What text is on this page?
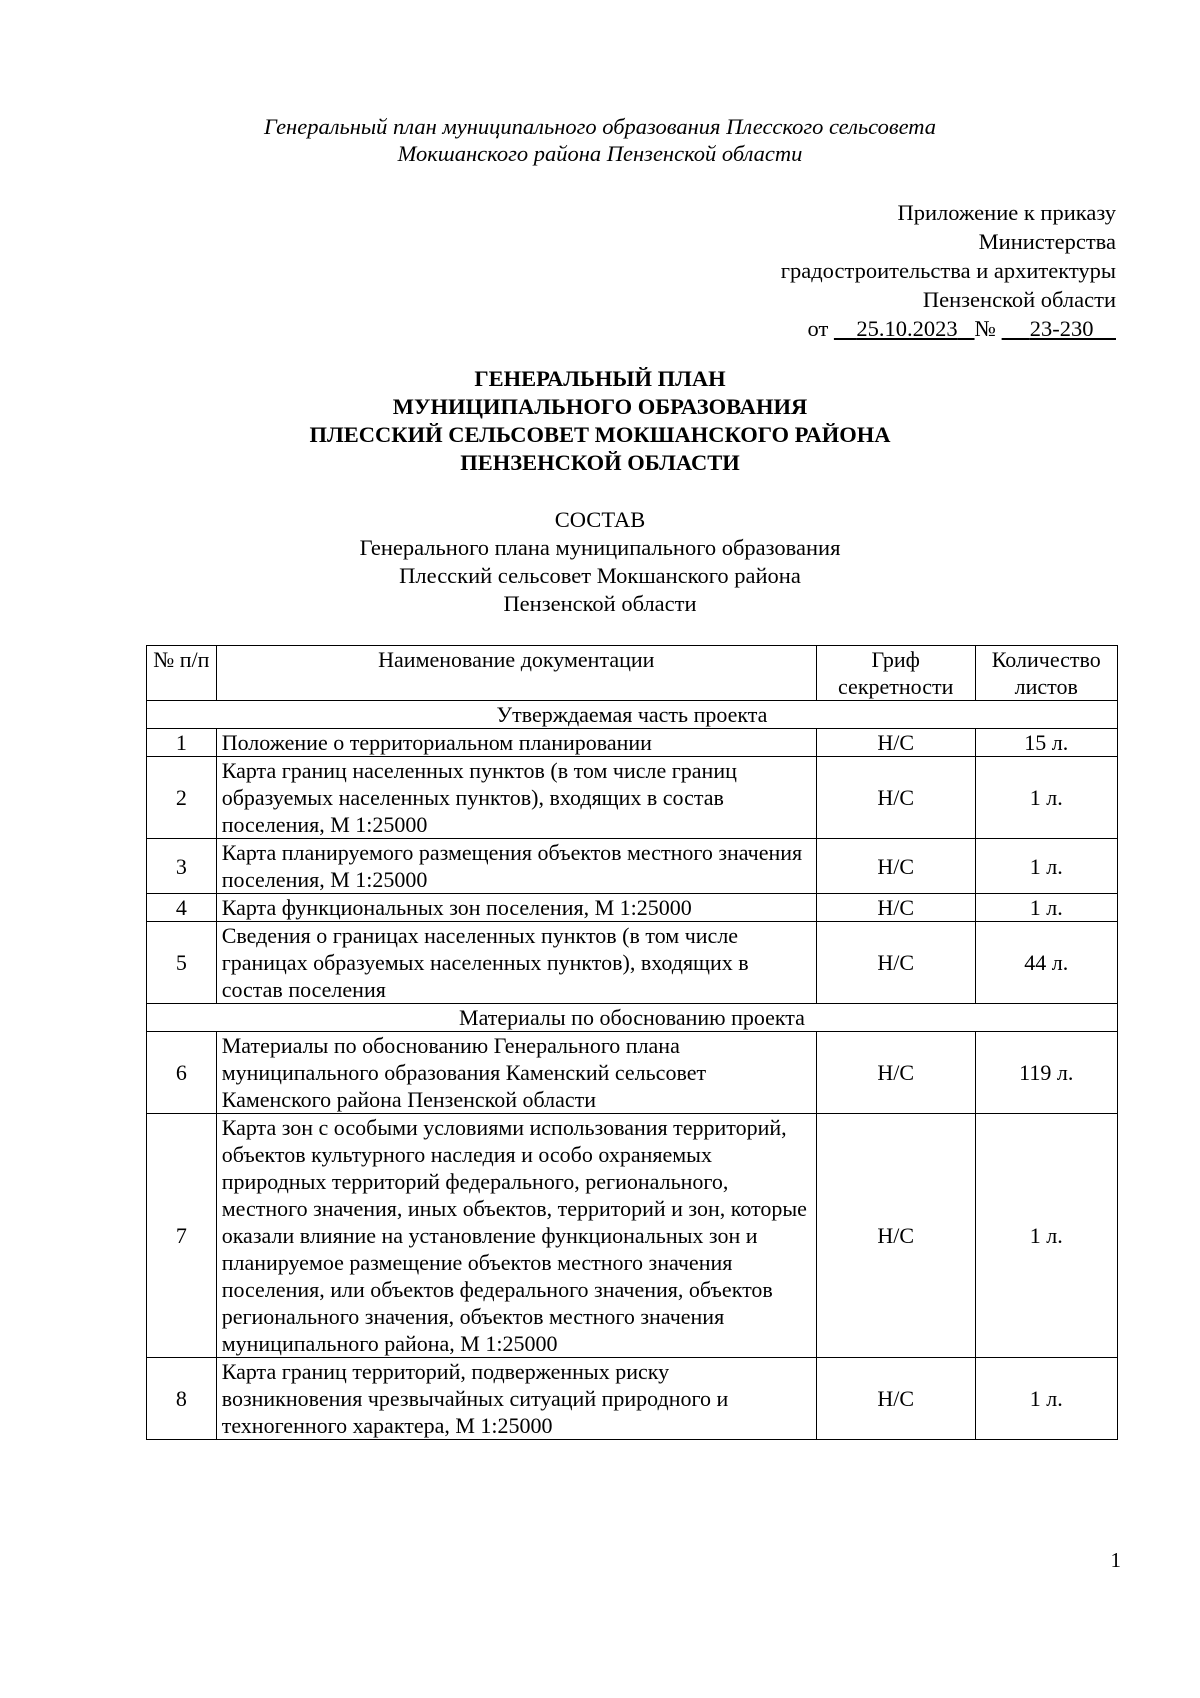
Генеральный план муниципального образования Плесского сельсовета
Мокшанского района Пензенской области
Приложение к приказу
Министерства
градостроительства и архитектуры
Пензенской области
от 25.10.2023 № 23-230
ГЕНЕРАЛЬНЫЙ ПЛАН
МУНИЦИПАЛЬНОГО ОБРАЗОВАНИЯ
ПЛЕССКИЙ СЕЛЬСОВЕТ МОКШАНСКОГО РАЙОНА
ПЕНЗЕНСКОЙ ОБЛАСТИ
СОСТАВ
Генерального плана муниципального образования
Плесский сельсовет Мокшанского района
Пензенской области
№ п/п	Наименование документации	Гриф секретности	Количество листов
Утверждаемая часть проекта			
1	Положение о территориальном планировании	Н/С	15 л.
2	Карта границ населенных пунктов (в том числе границ образуемых населенных пунктов), входящих в состав поселения, М 1:25000	Н/С	1 л.
3	Карта планируемого размещения объектов местного значения поселения, М 1:25000	Н/С	1 л.
4	Карта функциональных зон поселения, М 1:25000	Н/С	1 л.
5	Сведения о границах населенных пунктов (в том числе границах образуемых населенных пунктов), входящих в состав поселения	Н/С	44 л.
Материалы по обоснованию проекта			
6	Материалы по обоснованию Генерального плана муниципального образования Каменский сельсовет Каменского района Пензенской области	Н/С	119 л.
7	Карта зон с особыми условиями использования территорий, объектов культурного наследия и особо охраняемых природных территорий федерального, регионального, местного значения, иных объектов, территорий и зон, которые оказали влияние на установление функциональных зон и планируемое размещение объектов местного значения поселения, или объектов федерального значения, объектов регионального значения, объектов местного значения муниципального района, М 1:25000	Н/С	1 л.
8	Карта границ территорий, подверженных риску возникновения чрезвычайных ситуаций природного и техногенного характера, М 1:25000	Н/С	1 л.
1
